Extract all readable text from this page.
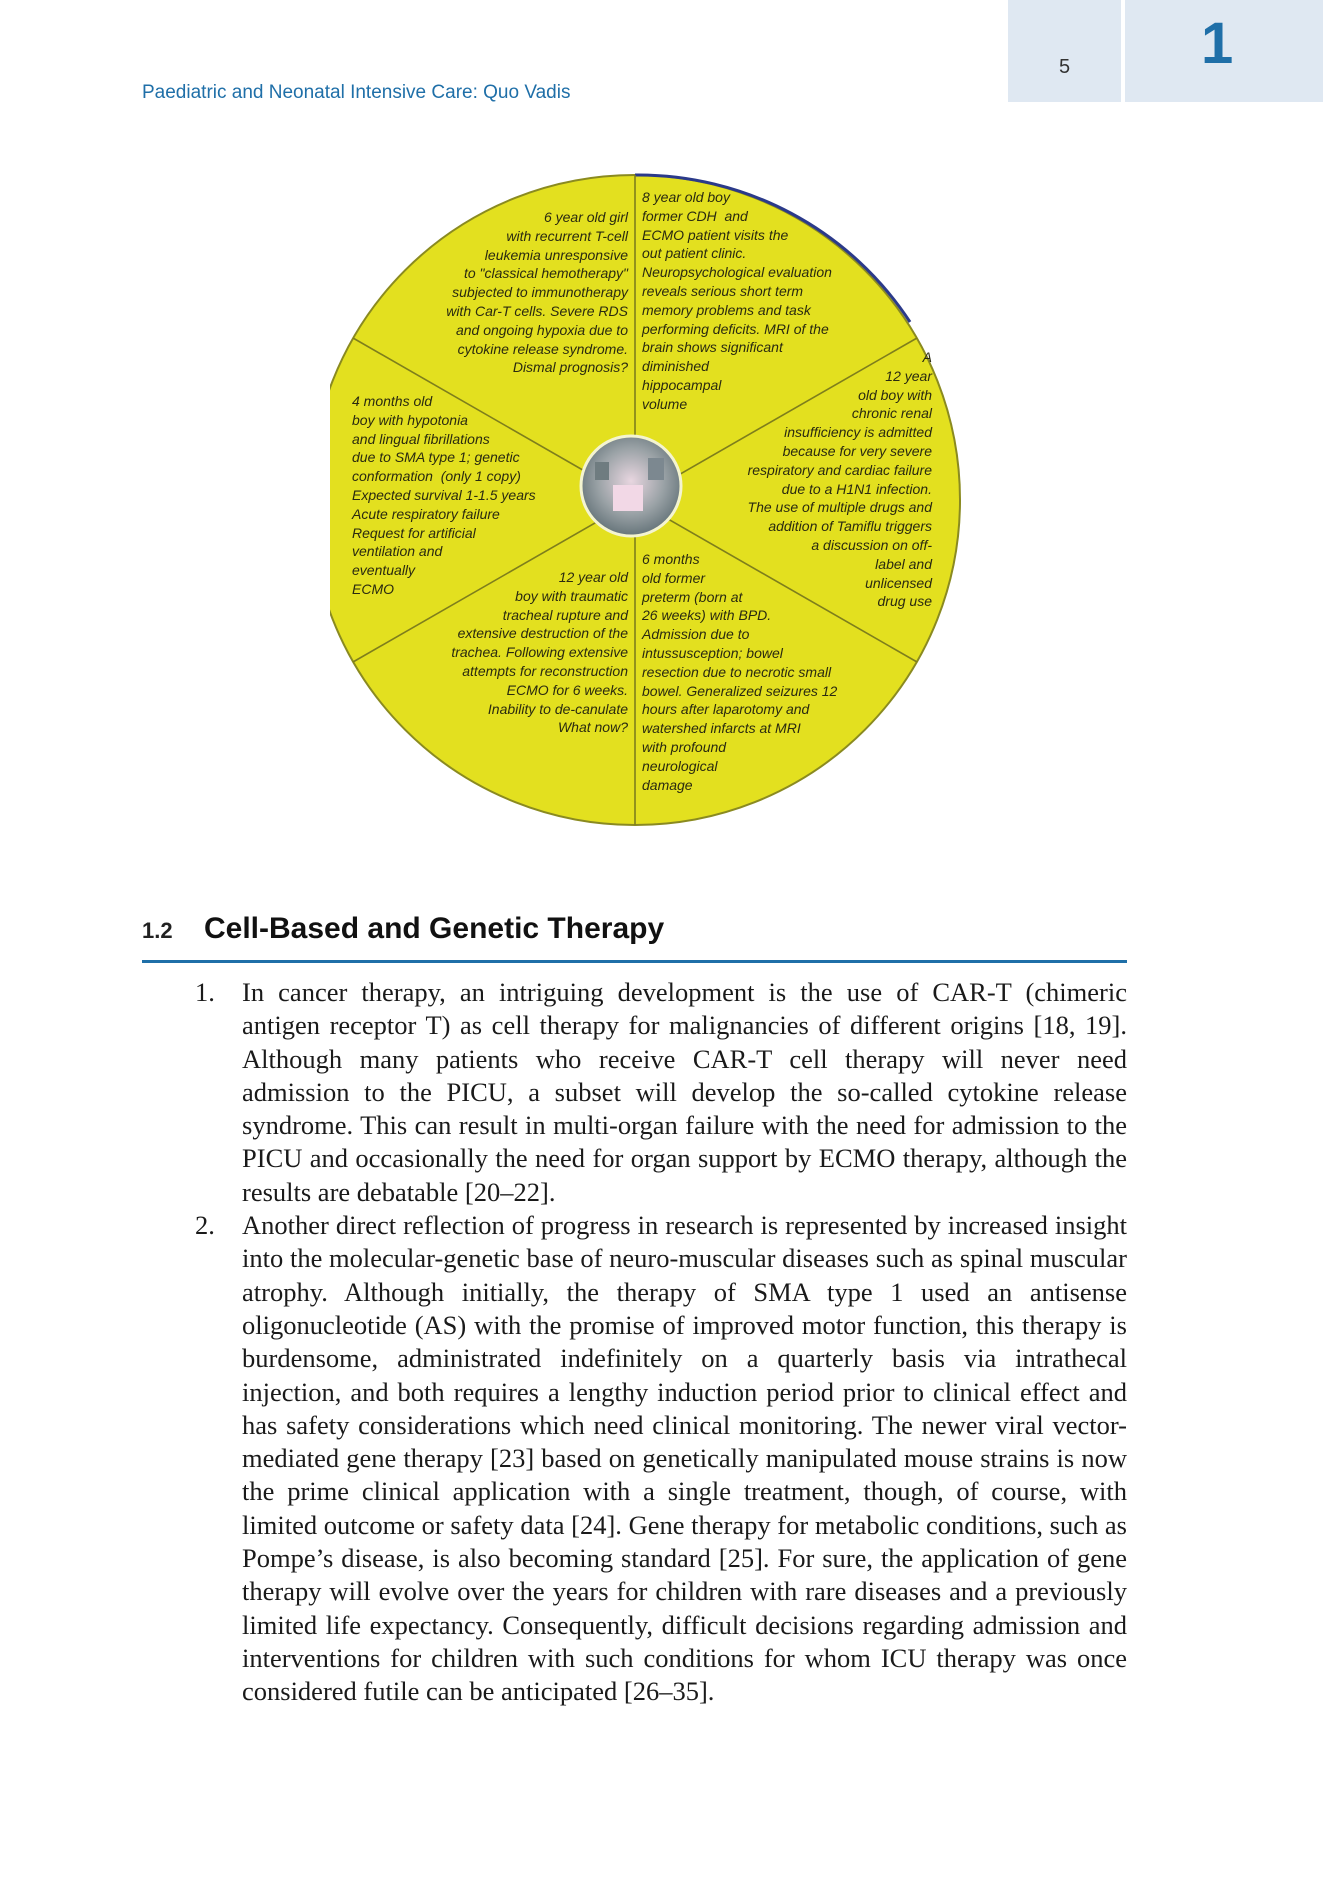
Paediatric and Neonatal Intensive Care: Quo Vadis
5	1
6 year old girl
with recurrent T-cell
leukemia unresponsive
to "classical hemotherapy"
subjected to immunotherapy
with Car-T cells. Severe RDS
and ongoing hypoxia due to
cytokine release syndrome.
Dismal prognosis?
8 year old boy
former CDH  and
ECMO patient visits the
out patient clinic.
Neuropsychological evaluation
reveals serious short term
memory problems and task
performing deficits. MRI of the
brain shows significant
diminished
hippocampal
volume
A
12 year
old boy with
chronic renal
insufficiency is admitted
because for very severe
respiratory and cardiac failure
due to a H1N1 infection.
The use of multiple drugs and
addition of Tamiflu triggers
a discussion on off-
label and
unlicensed
drug use
6 months
old former
preterm (born at
26 weeks) with BPD.
Admission due to
intussusception; bowel
resection due to necrotic small
bowel. Generalized seizures 12
hours after laparotomy and
watershed infarcts at MRI
with profound
neurological
damage
12 year old
boy with traumatic
tracheal rupture and
extensive destruction of the
trachea. Following extensive
attempts for reconstruction
ECMO for 6 weeks.
Inability to de-canulate
What now?
4 months old
boy with hypotonia
and lingual fibrillations
due to SMA type 1; genetic
conformation  (only 1 copy)
Expected survival 1-1.5 years
Acute respiratory failure
Request for artificial
ventilation and
eventually
ECMO
1.2 Cell-Based and Genetic Therapy
1. In cancer therapy, an intriguing development is the use of CAR-T (chimeric antigen receptor T) as cell therapy for malignancies of different origins [18, 19]. Although many patients who receive CAR-T cell therapy will never need admission to the PICU, a subset will develop the so-called cytokine release syndrome. This can result in multi-organ failure with the need for admission to the PICU and occasionally the need for organ support by ECMO therapy, although the results are debatable [20–22].
2. Another direct reflection of progress in research is represented by increased insight into the molecular-genetic base of neuro-muscular diseases such as spinal muscular atrophy. Although initially, the therapy of SMA type 1 used an antisense oligonucleotide (AS) with the promise of improved motor function, this therapy is burdensome, administrated indefinitely on a quarterly basis via intrathecal injection, and both requires a lengthy induction period prior to clinical effect and has safety considerations which need clinical monitoring. The newer viral vector-mediated gene therapy [23] based on genetically manipulated mouse strains is now the prime clinical application with a single treatment, though, of course, with limited outcome or safety data [24]. Gene therapy for metabolic conditions, such as Pompe’s disease, is also becoming standard [25]. For sure, the application of gene therapy will evolve over the years for children with rare diseases and a previously limited life expectancy. Consequently, difficult decisions regarding admission and interventions for children with such conditions for whom ICU therapy was once considered futile can be anticipated [26–35].
